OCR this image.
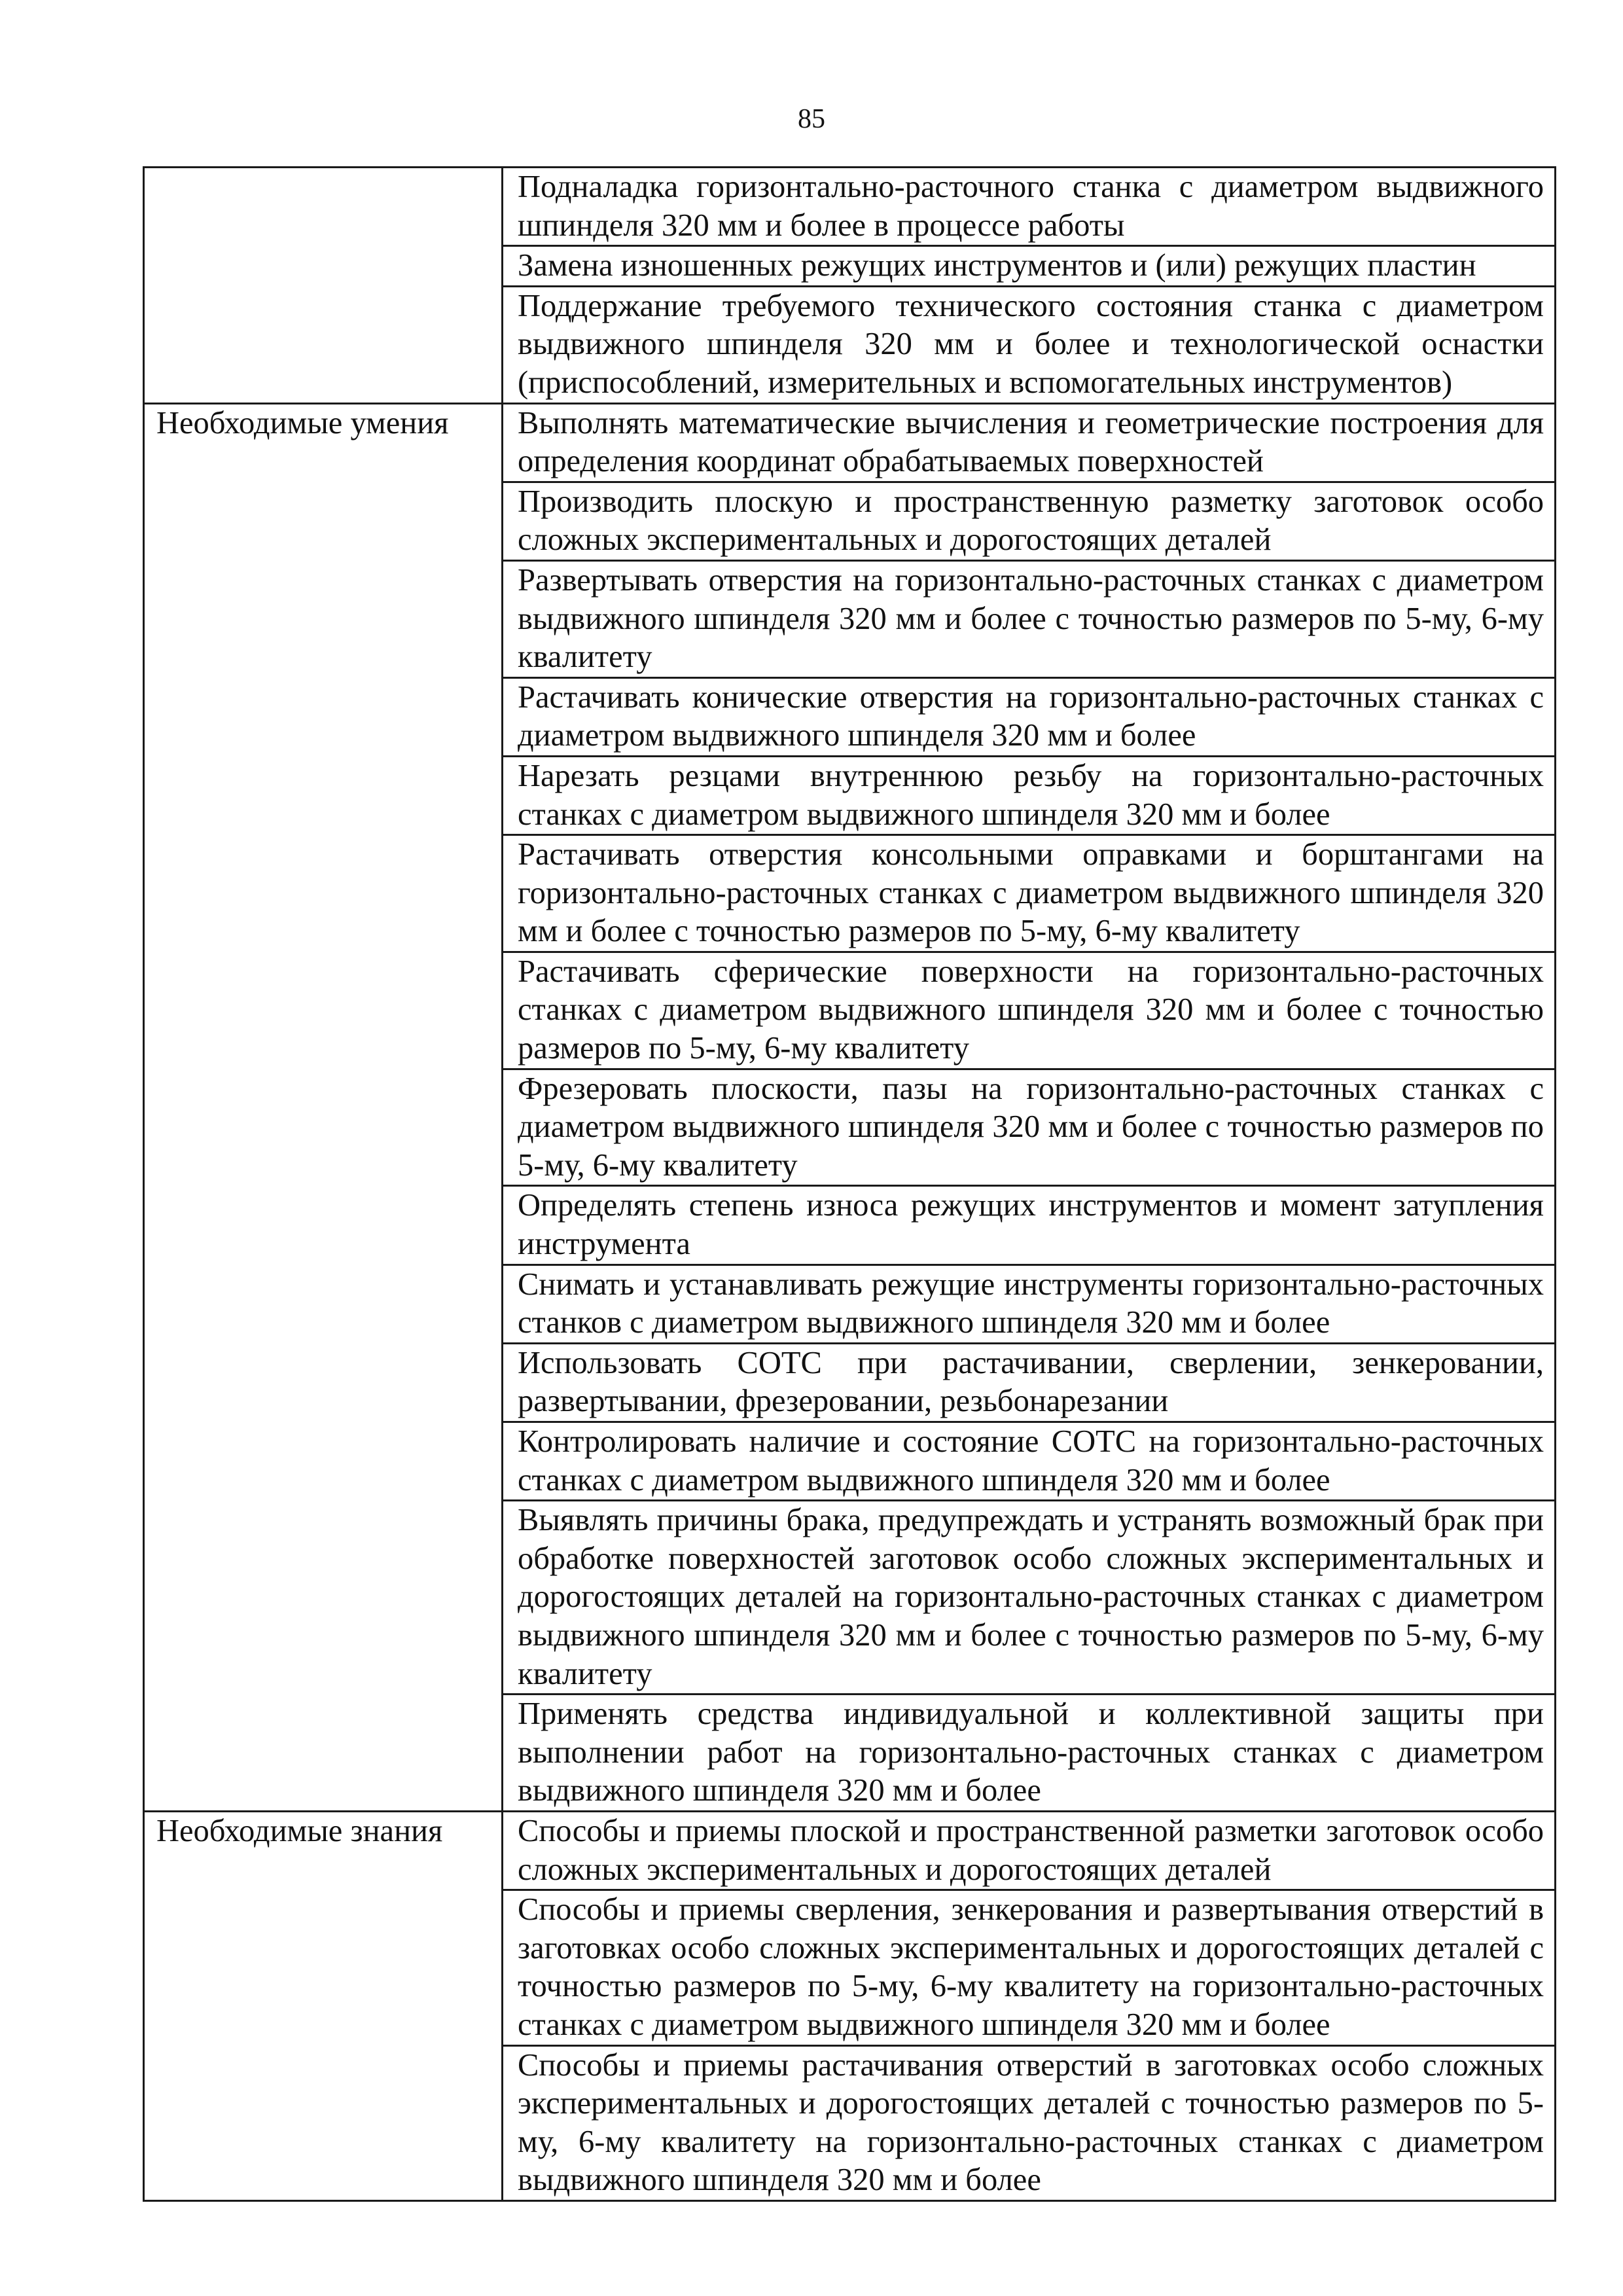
85
	Подналадка горизонтально-расточного станка с диаметром выдвижного шпинделя 320 мм и более в процессе работы
	Замена изношенных режущих инструментов и (или) режущих пластин
	Поддержание требуемого технического состояния станка с диаметром выдвижного шпинделя 320 мм и более и технологической оснастки (приспособлений, измерительных и вспомогательных инструментов)
Необходимые умения	Выполнять математические вычисления и геометрические построения для определения координат обрабатываемых поверхностей
	Производить плоскую и пространственную разметку заготовок особо сложных экспериментальных и дорогостоящих деталей
	Развертывать отверстия на горизонтально-расточных станках с диаметром выдвижного шпинделя 320 мм и более с точностью размеров по 5-му, 6-му квалитету
	Растачивать конические отверстия на горизонтально-расточных станках с диаметром выдвижного шпинделя 320 мм и более
	Нарезать резцами внутреннюю резьбу на горизонтально-расточных станках с диаметром выдвижного шпинделя 320 мм и более
	Растачивать отверстия консольными оправками и борштангами на горизонтально-расточных станках с диаметром выдвижного шпинделя 320 мм и более с точностью размеров по 5-му, 6-му квалитету
	Растачивать сферические поверхности на горизонтально-расточных станках с диаметром выдвижного шпинделя 320 мм и более с точностью размеров по 5-му, 6-му квалитету
	Фрезеровать плоскости, пазы на горизонтально-расточных станках с диаметром выдвижного шпинделя 320 мм и более с точностью размеров по 5-му, 6-му квалитету
	Определять степень износа режущих инструментов и момент затупления инструмента
	Снимать и устанавливать режущие инструменты горизонтально-расточных станков с диаметром выдвижного шпинделя 320 мм и более
	Использовать СОТС при растачивании, сверлении, зенкеровании, развертывании, фрезеровании, резьбонарезании
	Контролировать наличие и состояние СОТС на горизонтально-расточных станках с диаметром выдвижного шпинделя 320 мм и более
	Выявлять причины брака, предупреждать и устранять возможный брак при обработке поверхностей заготовок особо сложных экспериментальных и дорогостоящих деталей на горизонтально-расточных станках с диаметром выдвижного шпинделя 320 мм и более с точностью размеров по 5-му, 6-му квалитету
	Применять средства индивидуальной и коллективной защиты при выполнении работ на горизонтально-расточных станках с диаметром выдвижного шпинделя 320 мм и более
Необходимые знания	Способы и приемы плоской и пространственной разметки заготовок особо сложных экспериментальных и дорогостоящих деталей
	Способы и приемы сверления, зенкерования и развертывания отверстий в заготовках особо сложных экспериментальных и дорогостоящих деталей с точностью размеров по 5-му, 6-му квалитету на горизонтально-расточных станках с диаметром выдвижного шпинделя 320 мм и более
	Способы и приемы растачивания отверстий в заготовках особо сложных экспериментальных и дорогостоящих деталей с точностью размеров по 5-му, 6-му квалитету на горизонтально-расточных станках с диаметром выдвижного шпинделя 320 мм и более
